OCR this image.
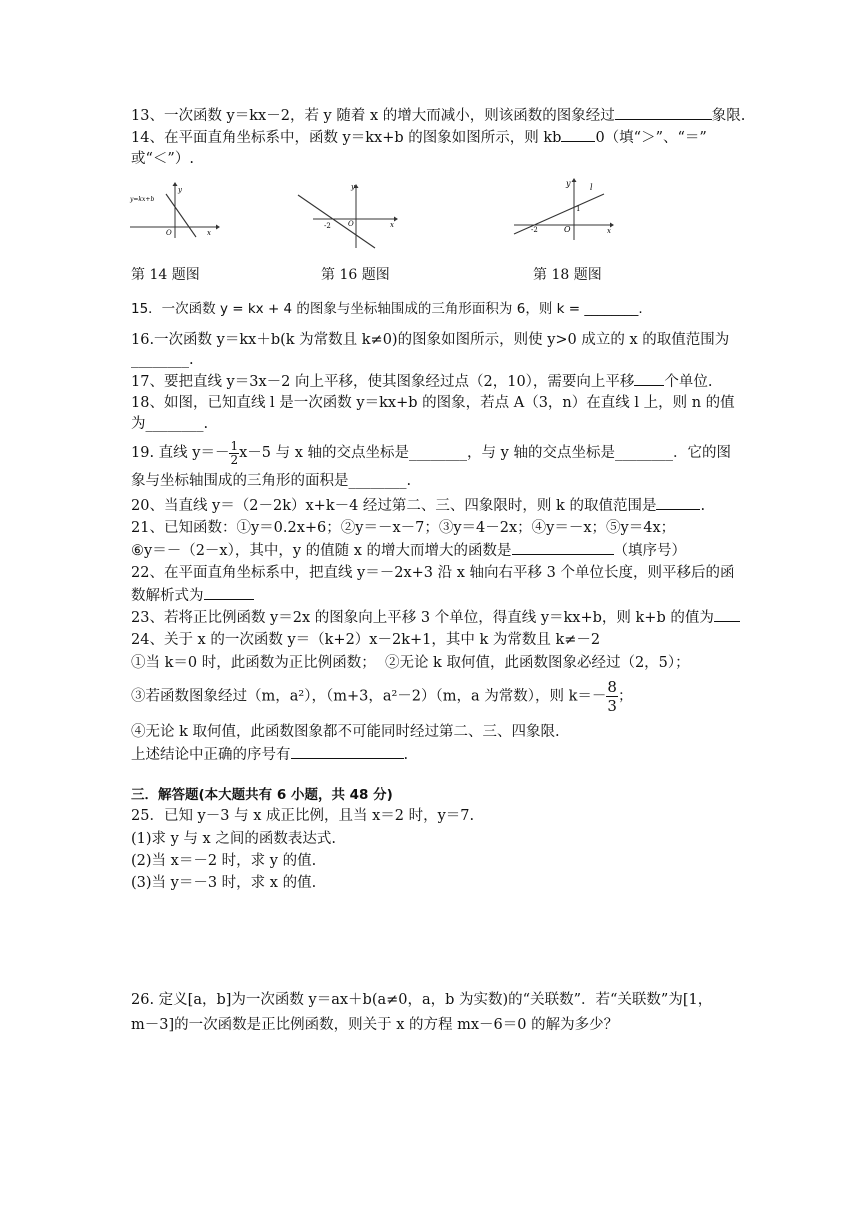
13、一次函数 y＝kx－2，若 y 随着 x 的增大而减小，则该函数的图象经过	象限.
14、在平面直角坐标系中，函数 y＝kx+b 的图象如图所示，则 kb 0（填“＞”、“＝”
或“＜”）.
y=kx+b
y
x
O
y
x
-2 O
y l
1
-2	O	x
第 14 题图	第 16 题图	第 18 题图
15．一次函数 y = kx + 4 的图象与坐标轴围成的三角形面积为 6，则 k = ________.
16.一次函数 y＝kx＋b(k 为常数且 k≠0)的图象如图所示，则使 y>0 成立的 x 的取值范围为
________.
17、要把直线 y＝3x－2 向上平移，使其图象经过点（2，10），需要向上平移 个单位.
18、如图，已知直线 l 是一次函数 y＝kx+b 的图象，若点 A（3，n）在直线 l 上，则 n 的值
为________.
19. 直线 $y=- \frac{1}{2} x-5$ 与 x 轴的交点坐标是________，与 y 轴的交点坐标是________．它的图
象与坐标轴围成的三角形的面积是________.
20、当直线 y＝（2－2k）x+k－4 经过第二、三、四象限时，则 k 的取值范围是	.
21、已知函数：①y＝0.2x+6；②y＝－x－7；③y＝4－2x；④y＝－x；⑤y＝4x；
⑥y＝－（2－x），其中，y 的值随 x 的增大而增大的函数是	（填序号）
22、在平面直角坐标系中，把直线 y＝－2x+3 沿 x 轴向右平移 3 个单位长度，则平移后的函
数解析式为
23、若将正比例函数 y＝2x 的图象向上平移 3 个单位，得直线 y＝kx+b，则 k+b 的值为
24、关于 x 的一次函数 y＝（k+2）x－2k+1，其中 k 为常数且 k≠－2
①当 k＝0 时，此函数为正比例函数； ②无论 k 取何值，此函数图象必经过（2，5）；
③若函数图象经过（m，a²），（m+3，a²－2）（m，a 为常数），则 $k=- \frac{8}{3}$ ；
④无论 k 取何值，此函数图象都不可能同时经过第二、三、四象限.
上述结论中正确的序号有	.
三．解答题(本大题共有 6 小题，共 48 分)
25．已知 y－3 与 x 成正比例，且当 x＝2 时，y＝7.
(1)求 y 与 x 之间的函数表达式.
(2)当 x＝－2 时，求 y 的值.
(3)当 y＝－3 时，求 x 的值.
26. 定义[a，b]为一次函数 y＝ax＋b(a≠0，a，b 为实数)的“关联数”．若“关联数”为[1，
m－3]的一次函数是正比例函数，则关于 x 的方程 mx－6＝0 的解为多少？
